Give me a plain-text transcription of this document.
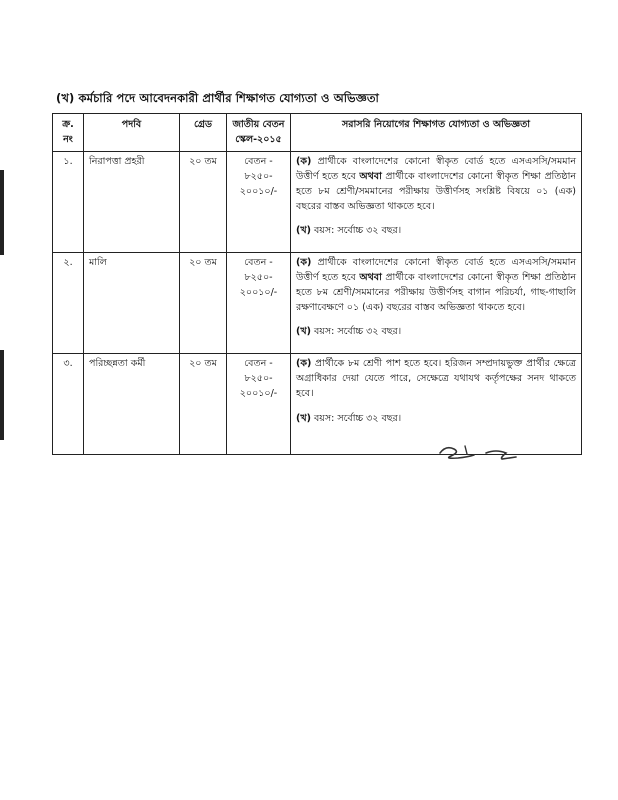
(খ) কর্মচারি পদে আবেদনকারী প্রার্থীর শিক্ষাগত যোগ্যতা ও অভিজ্ঞতা
ক্র. নং	পদবি	গ্রেড	জাতীয় বেতন স্কেল-২০১৫	সরাসরি নিয়োগের শিক্ষাগত যোগ্যতা ও অভিজ্ঞতা
১.	নিরাপত্তা প্রহরী	২০ তম	বেতন - ৮২৫০- ২০০১০/-	(ক) প্রার্থীকে বাংলাদেশের কোনো স্বীকৃত বোর্ড হতে এসএসসি/সমমান উত্তীর্ণ হতে হবে অথবা প্রার্থীকে বাংলাদেশের কোনো স্বীকৃত শিক্ষা প্রতিষ্ঠান হতে ৮ম শ্রেণী/সমমানের পরীক্ষায় উত্তীর্ণসহ সংশ্লিষ্ট বিষয়ে ০১ (এক) বছরের বাস্তব অভিজ্ঞতা থাকতে হবে।
(খ) বয়স: সর্বোচ্চ ৩২ বছর।

২.	মালি	২০ তম	বেতন - ৮২৫০- ২০০১০/-	(ক) প্রার্থীকে বাংলাদেশের কোনো স্বীকৃত বোর্ড হতে এসএসসি/সমমান উত্তীর্ণ হতে হবে অথবা প্রার্থীকে বাংলাদেশের কোনো স্বীকৃত শিক্ষা প্রতিষ্ঠান হতে ৮ম শ্রেণী/সমমানের পরীক্ষায় উত্তীর্ণসহ বাগান পরিচর্যা, গাছ-গাছালি রক্ষণাবেক্ষণে ০১ (এক) বছরের বাস্তব অভিজ্ঞতা থাকতে হবে।
(খ) বয়স: সর্বোচ্চ ৩২ বছর।

৩.	পরিচ্ছন্নতা কর্মী	২০ তম	বেতন - ৮২৫০- ২০০১০/-	(ক) প্রার্থীকে ৮ম শ্রেণী পাশ হতে হবে। হরিজন সম্প্রদায়ভুক্ত প্রার্থীর ক্ষেত্রে অগ্রাধিকার দেয়া যেতে পারে, সেক্ষেত্রে যথাযথ কর্তৃপক্ষের সনদ থাকতে হবে।
(খ) বয়স: সর্বোচ্চ ৩২ বছর।
